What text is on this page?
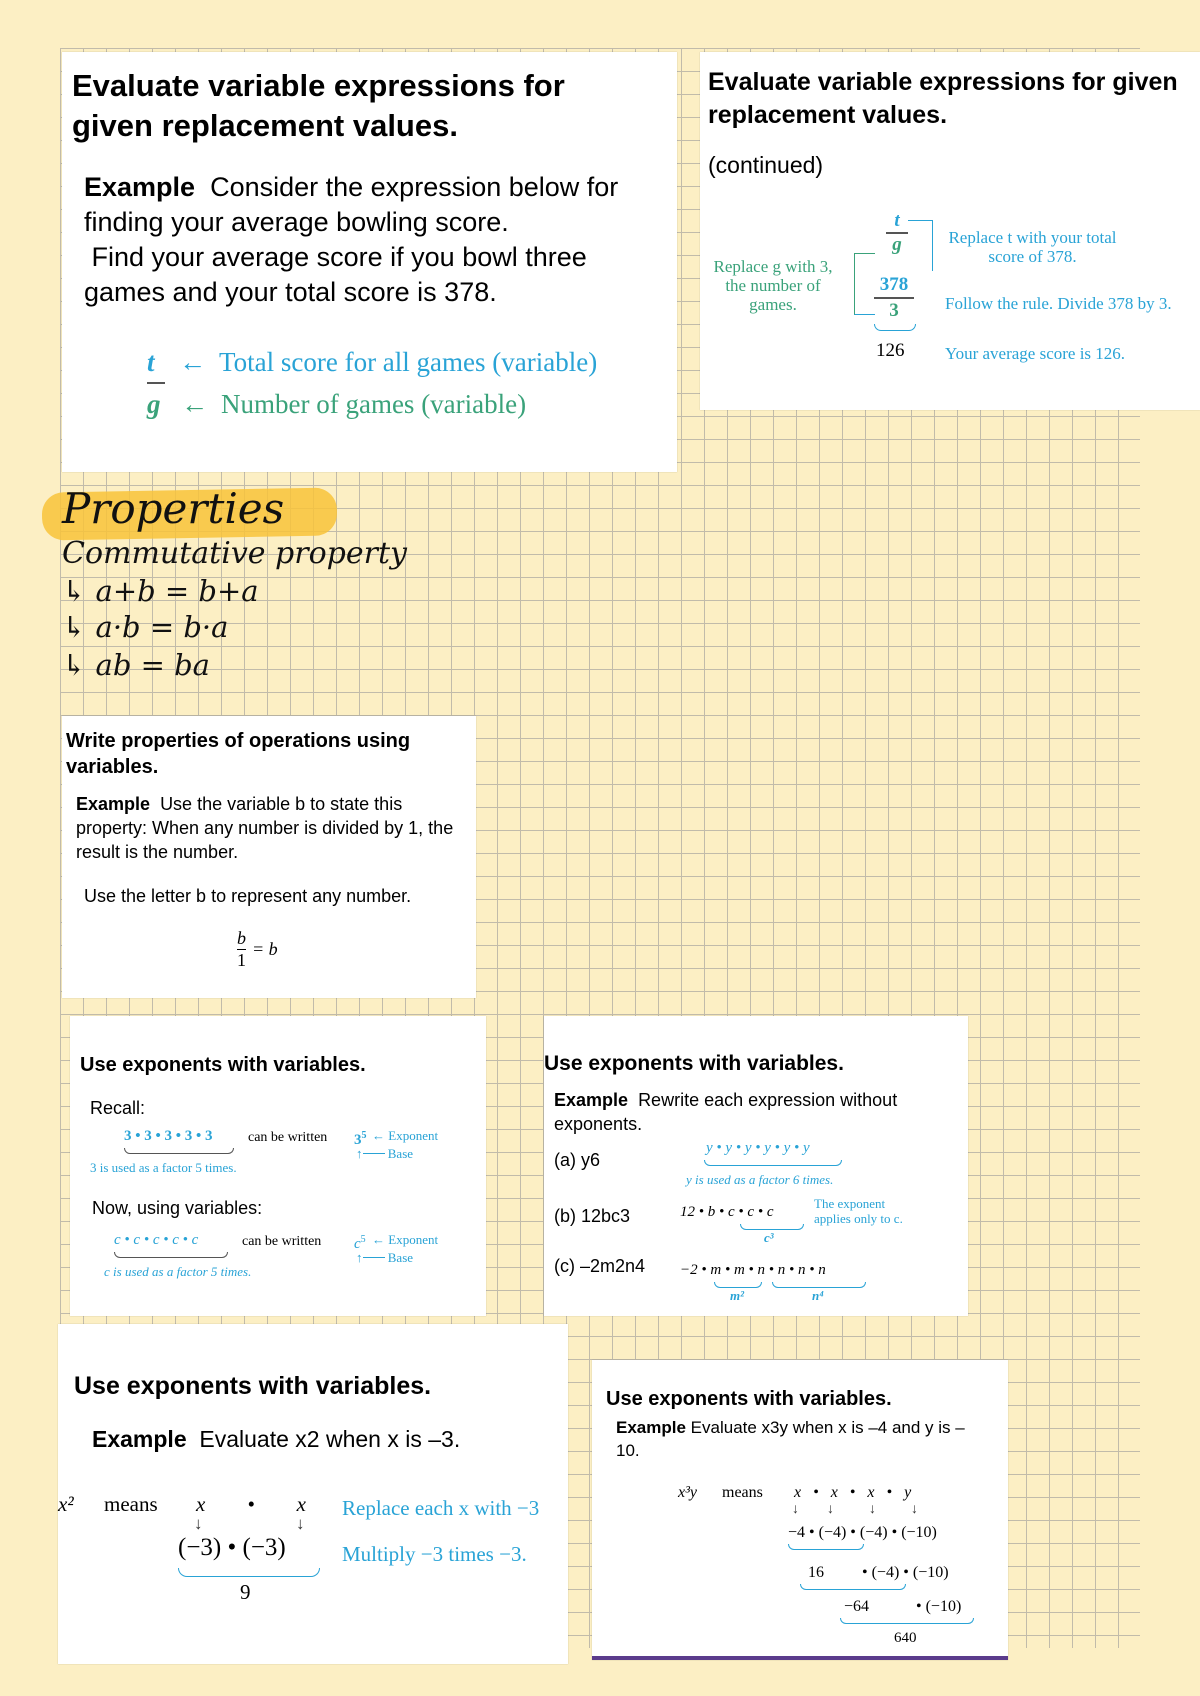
Evaluate variable expressions for given replacement values.
Example Consider the expression below for finding your average bowling score.
Find your average score if you bowl three games and your total score is 378.
t ← Total score for all games (variable)
g ← Number of games (variable)
Evaluate variable expressions for given replacement values.
(continued)
Replace g with 3, the number of games.
t
g
378
3
126
Replace t with your total score of 378.
Follow the rule. Divide 378 by 3.
Your average score is 126.
Properties
Commutative property
↳ a+b = b+a
↳ a·b = b·a
↳ ab = ba
Write properties of operations using variables.
Example Use the variable b to state this property: When any number is divided by 1, the result is the number.
Use the letter b to represent any number.
$\frac{b}{1} = b$
Use exponents with variables.
Recall:
3 • 3 • 3 • 3 • 3	can be written $3^5$ ← Exponent
↑ Base
3 is used as a factor 5 times.
Now, using variables:
c • c • c • c • c	can be written $c^5$ ← Exponent
↑ Base
c is used as a factor 5 times.
Use exponents with variables.
Example Rewrite each expression without exponents.
(a) y6
y • y • y • y • y • y
y is used as a factor 6 times.
(b) 12bc3	12 • b • c • c • c
c³
The exponent applies only to c.
(c) –2m2n4 −2 • m • m • n • n • n • n
m²	n⁴
Use exponents with variables.
Example Evaluate x2 when x is –3.
x² means x        •        x
↓                      ↓
(−3) • (−3)
9
Replace each x with −3
Multiply −3 times −3.
Use exponents with variables.
Example Evaluate x3y when x is –4 and y is –10.
x³y means x   •   x   •   x   •   y
↓        ↓          ↓          ↓
−4 • (−4) • (−4) • (−10)
16 • (−4) • (−10)
−64	• (−10)
640
